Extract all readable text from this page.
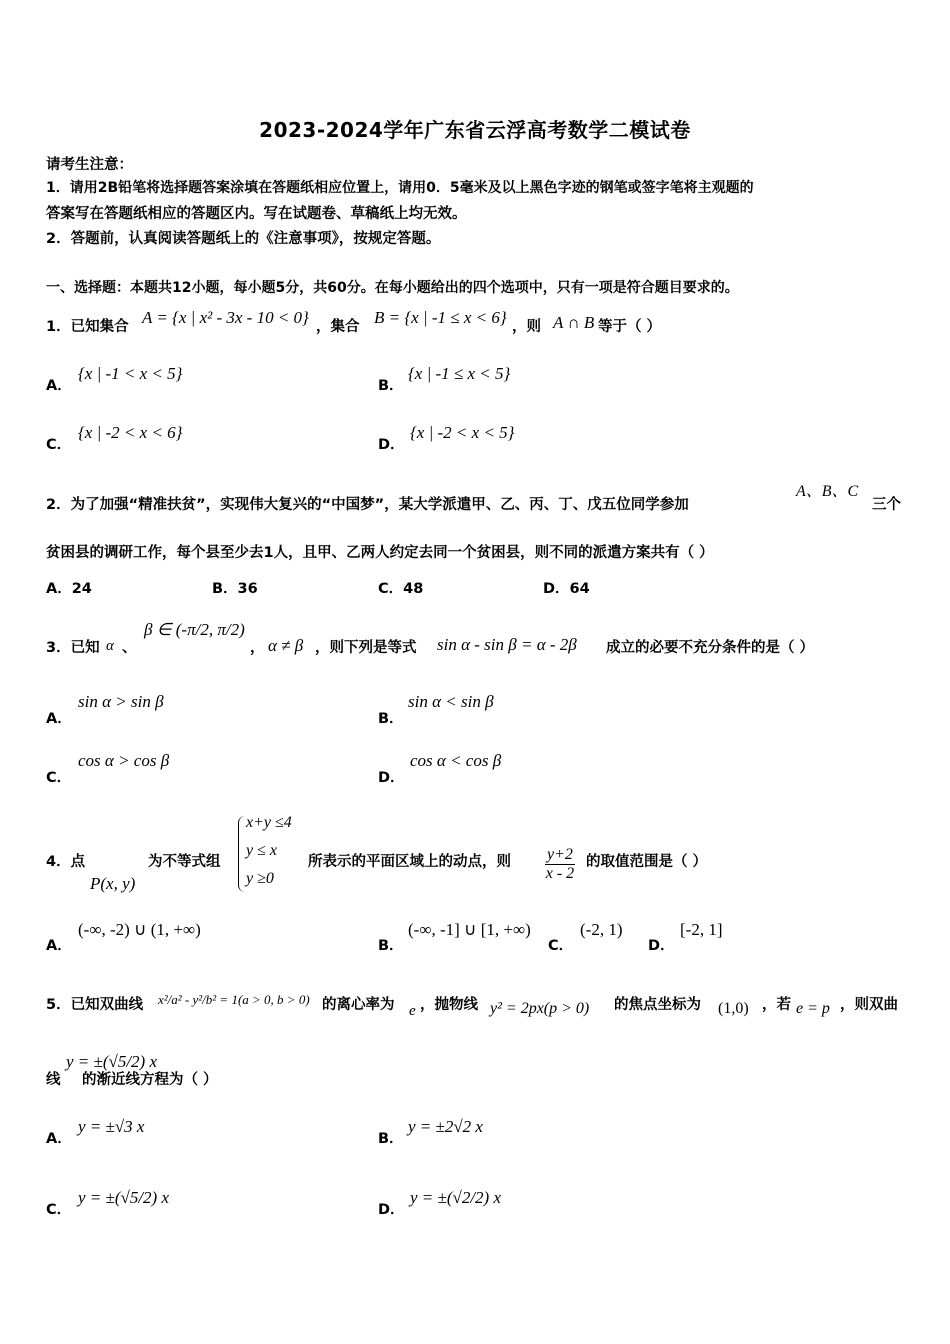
2023-2024学年广东省云浮高考数学二模试卷
请考生注意：
1．请用2B铅笔将选择题答案涂填在答题纸相应位置上，请用0．5毫米及以上黑色字迹的钢笔或签字笔将主观题的
答案写在答题纸相应的答题区内。写在试题卷、草稿纸上均无效。
2．答题前，认真阅读答题纸上的《注意事项》，按规定答题。
一、选择题：本题共12小题，每小题5分，共60分。在每小题给出的四个选项中，只有一项是符合题目要求的。
1．已知集合 A = {x | x² - 3x - 10 < 0} ，集合 B = {x | -1 ≤ x < 6} ，则 A ∩ B 等于（ ）
A．
{x | -1 < x < 5}
B．
{x | -1 ≤ x < 5}
C．
{x | -2 < x < 6}
D．
{x | -2 < x < 5}
2．为了加强“精准扶贫”，实现伟大复兴的“中国梦”，某大学派遣甲、乙、丙、丁、戊五位同学参加
A、B、C
三个
贫困县的调研工作，每个县至少去1人，且甲、乙两人约定去同一个贫困县，则不同的派遣方案共有（ ）
A．24	B．36	C．48	D．64
3．已知 α 、
β ∈ (-π/2, π/2)
， α ≠ β ，则下列是等式 sin α - sin β = α - 2β 成立的必要不充分条件的是（ ）
A．
sin α > sin β
B．
sin α < sin β
C．
cos α > cos β
D．
cos α < cos β
4．点
P(x, y)
为不等式组
x+y ≤4
y ≤ x
y ≥0
所表示的平面区域上的动点，则 $\frac{y+2}{x - 2}$ 的取值范围是（ ）
A．
(-∞, -2) ∪ (1, +∞)
B．
(-∞, -1] ∪ [1, +∞)
C．
(-2, 1)
D．
[-2, 1]
5．已知双曲线 x²/a² - y²/b² = 1(a > 0, b > 0) 的离心率为 e ，抛物线 y² = 2px(p > 0) 的焦点坐标为 (1,0) ，若 e = p ，则双曲
线
y = ±(√5/2) x
的渐近线方程为（ ）
A．
y = ±√3 x
B．
y = ±2√2 x
C．
y = ±(√5/2) x
D．
y = ±(√2/2) x
